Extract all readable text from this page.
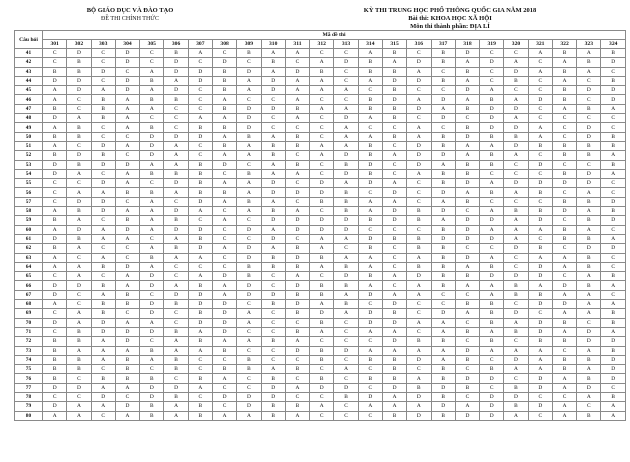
BỘ GIÁO DỤC VÀ ĐÀO TẠO
ĐỀ THI CHÍNH THỨC
KỲ THI TRUNG HỌC PHỔ THÔNG QUỐC GIA NĂM 2018
Bài thi: KHOA HỌC XÃ HỘI
Môn thi thành phần: ĐỊA LÍ
Câu hỏi	Mã đề thi																							
	301	302	303	304	305	306	307	308	309	310	311	312	313	314	315	316	317	318	319	320	321	322	323	324
41	C	D	C	D	C	B	A	C	B	A	A	C	C	A	B	C	B	D	C	C	A	B	A	B
42	C	B	C	D	C	D	C	D	C	B	C	A	D	B	A	D	B	A	D	A	C	A	B	D
43	B	B	D	C	A	D	D	B	D	A	D	B	C	B	B	A	C	B	C	D	A	B	A	C
44	D	D	C	D	B	A	D	B	A	D	A	A	C	A	D	D	B	A	C	B	C	A	C	B
45	A	D	A	D	A	D	C	B	A	D	A	A	A	C	B	C	C	D	A	C	C	B	D	D
46	A	C	B	A	B	B	C	A	C	C	A	C	C	B	D	A	D	A	B	A	D	B	C	D
47	B	C	B	A	A	C	C	B	D	D	B	A	A	B	B	D	A	B	D	D	C	A	B	A
48	D	A	B	A	C	C	A	A	D	C	A	C	D	A	B	C	D	C	D	A	C	C	C	C
49	A	B	C	A	B	C	B	B	D	C	C	C	A	C	C	A	C	B	D	D	A	C	D	C
50	B	B	C	C	D	D	D	A	B	A	B	C	A	A	B	A	B	D	B	B	A	C	D	B
51	A	C	D	A	D	A	C	B	A	B	B	A	A	B	C	D	B	A	A	D	B	B	B	B
52	B	D	B	C	D	A	C	A	A	B	C	A	D	B	A	D	D	A	B	A	C	B	B	A
53	D	B	D	D	A	A	B	D	C	A	B	C	B	D	C	D	A	B	B	C	D	C	C	B
54	D	A	C	A	B	B	B	C	B	A	A	C	D	B	C	A	B	B	C	C	C	B	D	A
55	C	C	D	A	C	D	B	A	A	D	C	D	A	D	A	C	B	D	A	D	D	D	D	C
56	C	A	A	B	B	A	B	B	A	D	D	D	B	C	D	C	D	A	B	A	B	C	A	C
57	C	D	D	C	A	C	D	A	B	A	C	B	B	A	A	C	A	B	C	C	C	B	B	D
58	A	B	D	A	A	D	A	C	A	B	A	C	B	A	D	B	D	C	A	B	B	D	A	B
59	B	A	C	B	A	B	C	A	C	D	D	D	D	B	D	B	A	D	D	A	D	C	B	D
60	A	D	A	D	A	D	D	C	D	A	D	D	D	C	C	C	B	D	A	A	A	B	A	C
61	D	B	A	A	C	A	B	C	C	D	C	A	A	D	B	B	D	D	D	A	C	B	B	A
62	B	A	C	C	A	B	D	A	D	A	B	A	C	B	C	B	B	C	C	D	B	C	D	D
63	A	C	A	C	B	A	A	C	D	B	D	B	A	A	C	A	B	D	A	C	A	A	B	C
64	A	A	B	D	A	C	C	C	B	B	B	A	B	A	C	B	B	A	B	C	D	A	B	C
65	C	A	C	A	D	C	A	D	B	C	A	C	D	B	A	D	B	B	D	D	D	C	A	B
66	D	D	B	A	D	A	B	A	D	C	D	B	B	A	C	A	B	A	A	B	A	D	B	A
67	D	C	A	B	C	D	D	A	D	D	B	B	A	D	A	A	C	C	A	B	B	A	A	C
68	A	C	B	B	D	B	D	D	C	B	D	A	B	C	D	C	C	B	B	C	D	D	A	A
69	C	A	B	C	D	C	B	D	A	C	B	D	A	D	B	C	D	A	B	D	C	A	A	B
70	D	A	D	A	A	C	D	D	A	C	C	B	C	D	D	A	A	C	B	A	D	B	C	B
71	C	B	D	D	D	B	A	D	C	C	B	A	C	A	A	C	A	B	A	B	D	A	D	A
72	B	B	A	D	C	A	B	A	A	B	A	C	C	C	D	B	B	C	B	C	B	B	D	D
73	B	A	A	A	B	A	A	B	C	C	D	B	D	A	A	A	A	D	A	A	A	C	A	B
74	B	B	A	B	A	B	C	C	B	C	C	B	C	B	B	D	A	B	C	D	A	B	B	D
75	B	B	C	B	C	B	C	B	B	A	B	C	A	C	B	C	B	C	B	A	A	B	A	D
76	B	C	B	B	B	C	B	A	C	B	C	B	C	B	B	A	B	D	D	C	D	A	B	D
77	D	D	A	A	D	D	A	C	C	D	A	D	D	C	D	B	D	B	C	B	D	A	D	C
78	C	C	D	C	D	B	C	D	D	D	C	C	B	D	A	D	B	C	D	D	C	C	A	B
79	D	A	A	D	B	A	B	C	D	B	B	A	C	A	A	A	D	A	D	B	D	A	C	A
80	A	A	C	A	B	A	B	A	A	B	A	C	C	C	B	D	B	D	D	A	C	A	B	A
